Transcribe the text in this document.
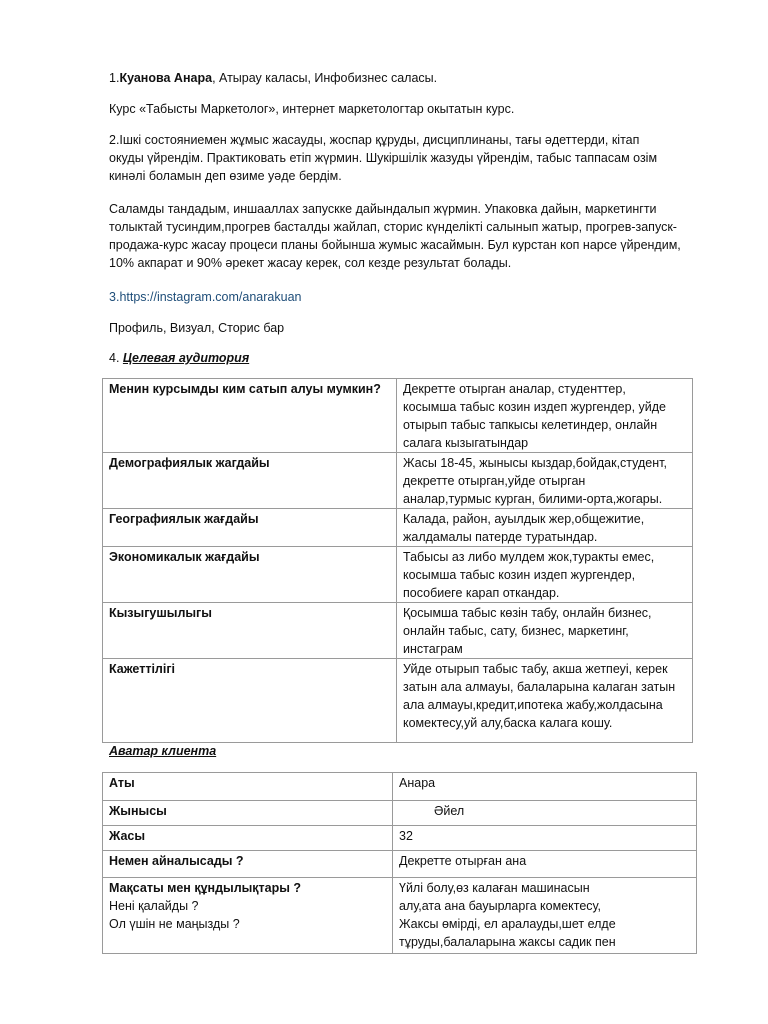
1.Куанова Анара, Атырау каласы, Инфобизнес саласы.

Курс «Табысты Маркетолог», интернет маркетологтар окытатын курс.

2.Ішкі состояниемен жұмыс жасауды, жоспар құруды, дисциплинаны, тағы әдеттерди, кітап
окуды үйрендім. Практиковать етіп жүрмин. Шукіршілік жазуды үйрендім, табыс таппасам озім
кинәлі боламын деп өзиме уәде бердім.

Саламды тандадым, иншааллах запускке дайындалып жүрмин. Упаковка дайын, маркетингти
толыктай тусиндим,прогрев басталды жайлап, сторис күнделікті салынып жатыр, прогрев-запуск-
продажа-курс жасау процеси планы бойынша жумыс жасаймын. Бул курстан коп нарсе үйрендим,
10% акпарат и 90% әрекет жасау керек, сол кезде результат болады.

3.https://instagram.com/anarakuan

Профиль, Визуал, Сторис бар

4. Целевая аудитория

Менин курсымды ким сатып алуы мумкин?	Декретте отырган аналар, студенттер,
косымша табыс козин издеп жургендер, уйде
отырып табыс тапкысы келетиндер, онлайн
салага кызыгатындар

Демографиялык жагдайы	Жасы 18-45, жынысы кыздар,бойдак,студент,
декретте отырган,уйде отырган
аналар,турмыс курган, билими-орта,жогары.

Географиялык жағдайы	Калада, район, ауылдык жер,общежитие,
жалдамалы патерде туратындар.

Экономикалык жағдайы	Табысы аз либо мулдем жок,туракты емес,
косымша табыс козин издеп жургендер,
пособиеге карап откандар.

Кызыгушылыгы	Қосымша табыс көзін табу, онлайн бизнес,
онлайн табыс, сату, бизнес, маркетинг,
инстаграм

Кажеттілігі	Уйде отырып табыс табу, акша жетпеуі, керек
затын ала алмауы, балаларына калаган затын
ала алмауы,кредит,ипотека жабу,жолдасына
комектесу,уй алу,баска калага кошу.

Аватар клиента

Аты	Анара
Жынысы	Әйел
Жасы	32
Немен айналысады ?	Декретте отырған ана

Мақсаты мен құндылықтары ?
Нені қалайды ?
Ол үшін не маңызды ?	Үйлі болу,өз калаған машинасын
алу,ата ана бауырларга комектесу,
Жаксы өмірді, ел аралауды,шет елде
тұруды,балаларына жаксы садик пен
